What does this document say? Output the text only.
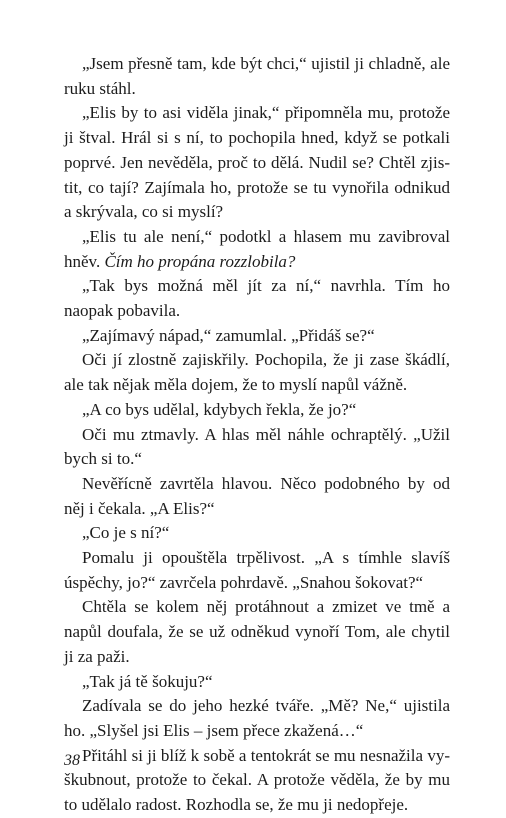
„Jsem přesně tam, kde být chci,“ ujistil ji chladně, ale ruku stáhl.

„Elis by to asi viděla jinak,“ připomněla mu, protože ji štval. Hrál si s ní, to pochopila hned, když se potkali poprvé. Jen nevěděla, proč to dělá. Nudil se? Chtěl zjistit, co tají? Zajímala ho, protože se tu vynořila odnikud a skrývala, co si myslí?

„Elis tu ale není,“ podotkl a hlasem mu zavibroval hněv. Čím ho propána rozzlobila?

„Tak bys možná měl jít za ní,“ navrhla. Tím ho naopak pobavila.

„Zajímavý nápad,“ zamumlal. „Přidáš se?“

Oči jí zlostně zajiskřily. Pochopila, že ji zase škádlí, ale tak nějak měla dojem, že to myslí napůl vážně.

„A co bys udělal, kdybych řekla, že jo?“

Oči mu ztmavly. A hlas měl náhle ochraptělý. „Užil bych si to.“

Nevěřícně zavrtěla hlavou. Něco podobného by od něj i čekala. „A Elis?“

„Co je s ní?“

Pomalu ji opouštěla trpělivost. „A s tímhle slavíš úspěchy, jo?“ zavrčela pohrdavě. „Snahou šokovat?“

Chtěla se kolem něj protáhnout a zmizet ve tmě a napůl doufala, že se už odněkud vynoří Tom, ale chytil ji za paži.

„Tak já tě šokuju?“

Zadívala se do jeho hezké tváře. „Mě? Ne,“ ujistila ho. „Slyšel jsi Elis – jsem přece zkažená…“

Přitáhl si ji blíž k sobě a tentokrát se mu nesnažila vyškubnout, protože to čekal. A protože věděla, že by mu to udělalo radost. Rozhodla se, že mu ji nedopřeje.

38
